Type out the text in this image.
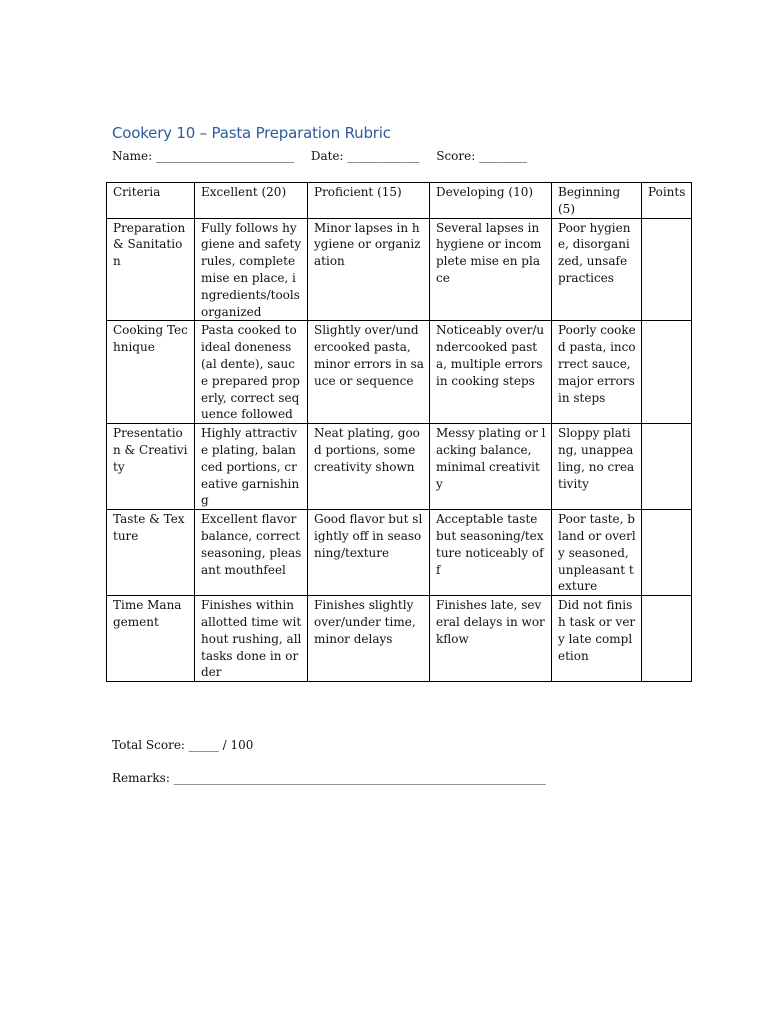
Cookery 10 – Pasta Preparation Rubric
Name: _______________________ Date: ____________ Score: ________
Criteria	Excellent (20)	Proficient (15)	Developing (10)	Beginning (5)	Points
Preparation & Sanitation	Fully follows hygiene and safety rules, complete mise en place, ingredients/tools organized	Minor lapses in hygiene or organization	Several lapses in hygiene or incomplete mise en place	Poor hygiene, disorganized, unsafe practices	
Cooking Technique	Pasta cooked to ideal doneness (al dente), sauce prepared properly, correct sequence followed	Slightly over/undercooked pasta, minor errors in sauce or sequence	Noticeably over/undercooked pasta, multiple errors in cooking steps	Poorly cooked pasta, incorrect sauce, major errors in steps	
Presentation & Creativity	Highly attractive plating, balanced portions, creative garnishing	Neat plating, good portions, some creativity shown	Messy plating or lacking balance, minimal creativity	Sloppy plating, unappealing, no creativity	
Taste & Texture	Excellent flavor balance, correct seasoning, pleasant mouthfeel	Good flavor but slightly off in seasoning/texture	Acceptable taste but seasoning/texture noticeably off	Poor taste, bland or overly seasoned, unpleasant texture	
Time Management	Finishes within allotted time without rushing, all tasks done in order	Finishes slightly over/under time, minor delays	Finishes late, several delays in workflow	Did not finish task or very late completion	
Total Score: _____ / 100
Remarks: ______________________________________________________________
